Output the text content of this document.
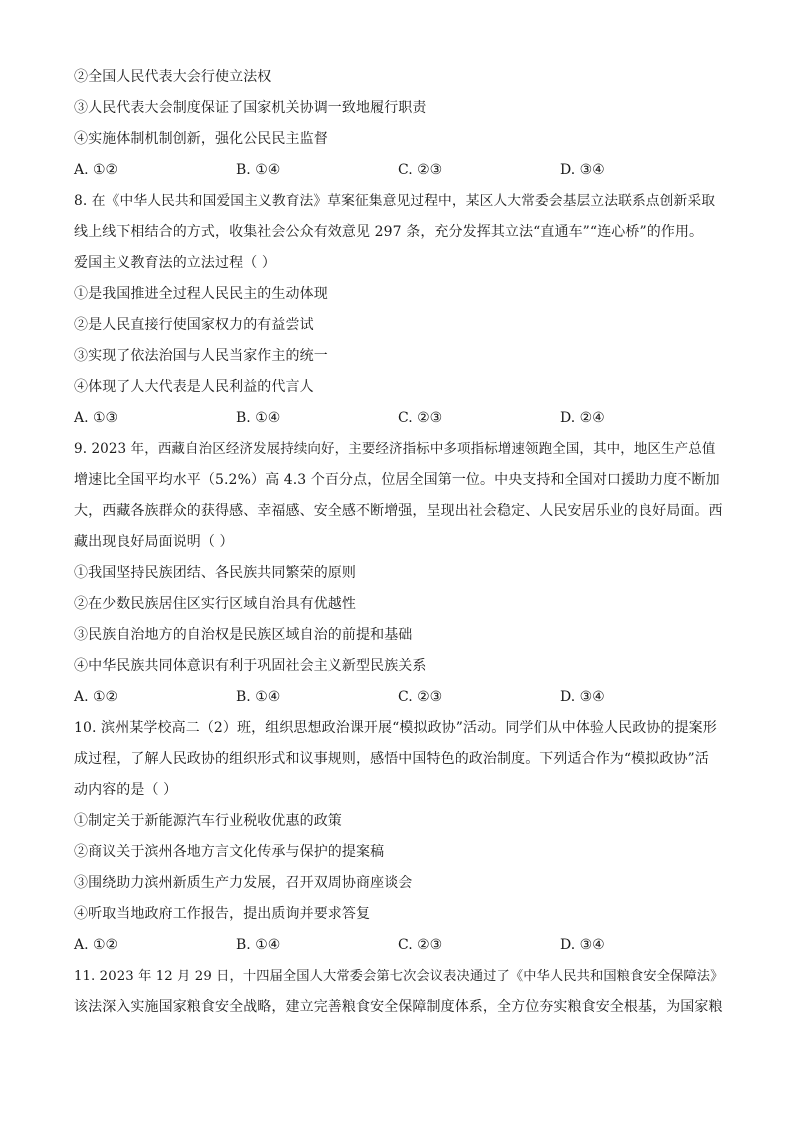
②全国人民代表大会行使立法权
③人民代表大会制度保证了国家机关协调一致地履行职责
④实施体制机制创新，强化公民民主监督
A. ①②	B. ①④	C. ②③	D. ③④
8. 在《中华人民共和国爱国主义教育法》草案征集意见过程中，某区人大常委会基层立法联系点创新采取
线上线下相结合的方式，收集社会公众有效意见 297 条，充分发挥其立法“直通车”“连心桥”的作用。
爱国主义教育法的立法过程（ ）
①是我国推进全过程人民民主的生动体现
②是人民直接行使国家权力的有益尝试
③实现了依法治国与人民当家作主的统一
④体现了人大代表是人民利益的代言人
A. ①③	B. ①④	C. ②③	D. ②④
9. 2023 年，西藏自治区经济发展持续向好，主要经济指标中多项指标增速领跑全国，其中，地区生产总值
增速比全国平均水平（5.2%）高 4.3 个百分点，位居全国第一位。中央支持和全国对口援助力度不断加
大，西藏各族群众的获得感、幸福感、安全感不断增强，呈现出社会稳定、人民安居乐业的良好局面。西
藏出现良好局面说明（ ）
①我国坚持民族团结、各民族共同繁荣的原则
②在少数民族居住区实行区域自治具有优越性
③民族自治地方的自治权是民族区域自治的前提和基础
④中华民族共同体意识有利于巩固社会主义新型民族关系
A. ①②	B. ①④	C. ②③	D. ③④
10. 滨州某学校高二（2）班，组织思想政治课开展“模拟政协”活动。同学们从中体验人民政协的提案形
成过程，了解人民政协的组织形式和议事规则，感悟中国特色的政治制度。下列适合作为“模拟政协”活
动内容的是（ ）
①制定关于新能源汽车行业税收优惠的政策
②商议关于滨州各地方言文化传承与保护的提案稿
③围绕助力滨州新质生产力发展，召开双周协商座谈会
④听取当地政府工作报告，提出质询并要求答复
A. ①②	B. ①④	C. ②③	D. ③④
11. 2023 年 12 月 29 日，十四届全国人大常委会第七次会议表决通过了《中华人民共和国粮食安全保障法》
该法深入实施国家粮食安全战略，建立完善粮食安全保障制度体系，全方位夯实粮食安全根基，为国家粮
